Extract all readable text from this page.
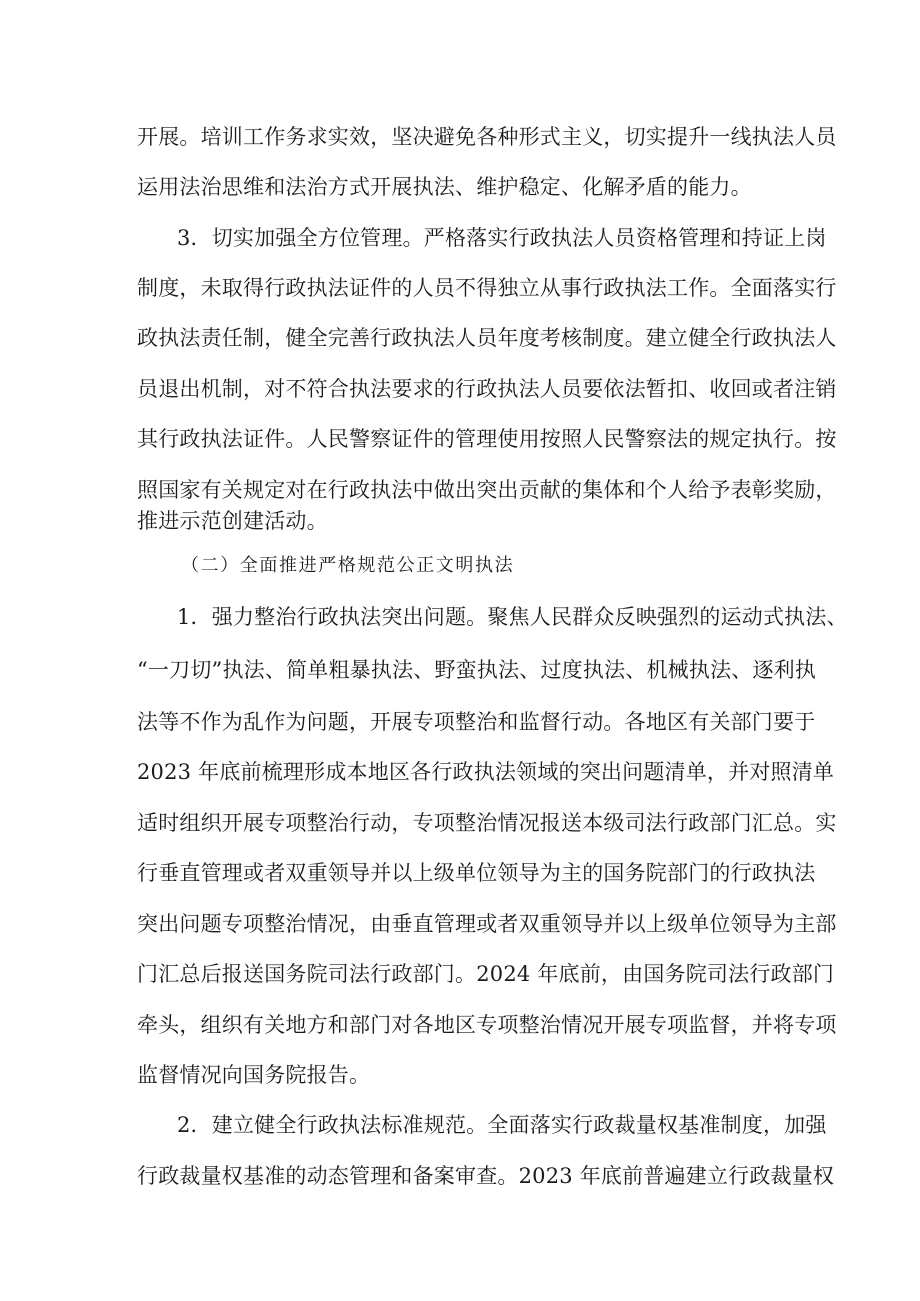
开展。培训工作务求实效，坚决避免各种形式主义，切实提升一线执法人员
运用法治思维和法治方式开展执法、维护稳定、化解矛盾的能力。
3．切实加强全方位管理。严格落实行政执法人员资格管理和持证上岗
制度，未取得行政执法证件的人员不得独立从事行政执法工作。全面落实行
政执法责任制，健全完善行政执法人员年度考核制度。建立健全行政执法人
员退出机制，对不符合执法要求的行政执法人员要依法暂扣、收回或者注销
其行政执法证件。人民警察证件的管理使用按照人民警察法的规定执行。按
照国家有关规定对在行政执法中做出突出贡献的集体和个人给予表彰奖励，
推进示范创建活动。
（二）全面推进严格规范公正文明执法
1．强力整治行政执法突出问题。聚焦人民群众反映强烈的运动式执法、
“一刀切”执法、简单粗暴执法、野蛮执法、过度执法、机械执法、逐利执
法等不作为乱作为问题，开展专项整治和监督行动。各地区有关部门要于
2023 年底前梳理形成本地区各行政执法领域的突出问题清单，并对照清单
适时组织开展专项整治行动，专项整治情况报送本级司法行政部门汇总。实
行垂直管理或者双重领导并以上级单位领导为主的国务院部门的行政执法
突出问题专项整治情况，由垂直管理或者双重领导并以上级单位领导为主部
门汇总后报送国务院司法行政部门。2024 年底前，由国务院司法行政部门
牵头，组织有关地方和部门对各地区专项整治情况开展专项监督，并将专项
监督情况向国务院报告。
2．建立健全行政执法标准规范。全面落实行政裁量权基准制度，加强
行政裁量权基准的动态管理和备案审查。2023 年底前普遍建立行政裁量权
